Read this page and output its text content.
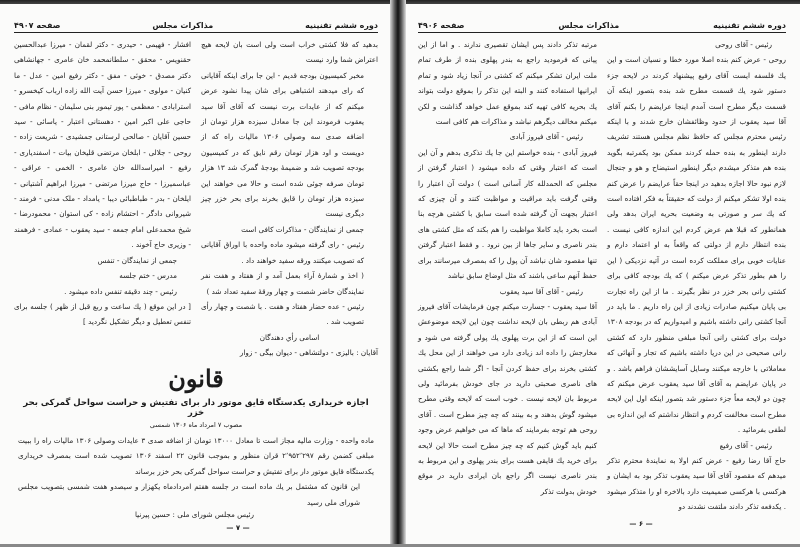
دوره ششم تقنینیه
مذاکرات مجلس
صفحه ۴۹۰۷

بدهید که فلا کشتی خراب است ولی است بان لایحه هیچ اعتراض شما وارد نیست

مخبر کمیسیون بودجه قدیم - این جا برای اینکه آقایانی که رای میدهند اشتباهی برای شان پیدا نشود عرض میکنم که از عایدات برت نیست که آقای آقا سید یعقوب فرمودند این جا معادل سیزده هزار تومان از اضافه صدی سه وصولی ۱۳۰۶ مالیات راه که از دویست و اود هزار تومان رقم نایق که در کمیسیون بودجه تصویب شد و ضمیمهٔ بودجهٔ گمرک شد ۱۳ هزار تومان صرفه جوئی شده است و حالا می خواهند این سیزده هزار تومان را قایق بخرند برای بحر خزر چیز دیگری نیست

جمعی از نمایندگان - مذاکرات کافی است

رئیس - رای گرفته میشود ماده واحده با اوراق آقایانی که تصویب میکنند ورقه سفید خواهند داد .

( اخذ و شمارهٔ آراء بعمل آمد و از هفتاد و هفت نفر نمایندگان حاضر شصت و چهار ورقهٔ سفید تعداد شد )

رئیس - عده حضار هفتاد و هفت . با شصت و چهار رأی تصویب شد .

اسامی رأي دهندگان

آقایان : بالیزی - دولتشاهی - دیوان بیگی - زوار

افشار - فهیمی - حیدری - دکتر لقمان - میرزا عبدالحسین حقنویس - محقق - سلطانمحمد خان عامری - جهانشاهی دکتر مصدق - خوئی - مفق - دکتر رفیع امین - عدل - ما کنیان - مولوی - میرزا حسن آیت الله زاده ارباب کیخسرو - استرابادی - معظمی - پور تیمور بنی سلیمان - نظام مافی - حاجی علی اکبر امین - دهستانی اعتبار - یاسائی - سید حسین آقایان - صالحی لرستانی جمشیدی - شریعت زاده - روحی - جلالی - ابلخان مرتضی قلیخان بیات - اسفندیاری - رفیع - امیراسدالله خان عامری - الخمی - عراقی - عباسمیرزا - حاج میرزا مرتضی - میرزا ابراهیم آشتیانی - ایلخان - بدر - طباطبائی دیبا - یامداد - ملک مدنی - فرمند - شیروانی دادگر - احتشام زاده - کی استوان - محمودرضا - شیخ محمدعلی امام جمعه - سید یعقوب - عمادی - فرهمند - وزیری حاج آخوند .

جمعی از نمایندگان - تنفس

مدرس - ختم جلسه

رئیس - چند دقیقه تنفس داده میشود .

[ در این موقع ( یك ساعت و ربع قبل از ظهر ) جلسه برای تنفس تعطیل و دیگر تشکیل نگردید ]

قانون
اجازه خریداری یکدستگاه قایق موتور دار برای تفتیش و حراست سواحل گمرکی بحر خزر
مصوب ۷ امرداد ماه ۱۳۰۶ شمسی

ماده واحده - وزارت مالیه مجاز است تا معادل ۱۳۰۰۰ تومان از اضافه صدی ۳ عایدات وصولی ۱۳۰۶ مالیات راه را ببیت مبلغی کضمن رقم ۲٬۹۵۲٬۲۹۷ قران منظور و بموجب قانون ۲۲ اسفند ۱۳۰۶ تصویب شده است بمصرف خریداری یکدستگاه قایق موتور دار برای تفتیش و حراست سواحل گمرکی بحر خزر برساند

این قانون که مشتمل بر یك ماده است در جلسه هفتم امردادماه یکهزار و سیصدو هفت شمسی بتصویب مجلس شورای ملی رسید

رئیس مجلس شورای ملی : حسین پیرنیا
— ۷ —
دوره ششم تقنینیه
مذاکرات مجلس
صفحه ۴۹۰۶

رئیس - آقای روحی

روحی - عرض کنم بنده اصلا مورد خطا و نسیان است و این یك فلسفه ایست آقای رفیع پیشنهاد کردند در لایحه جزء دستور شود یك قسمت مطرح شد بنده بتصور اینکه آن قسمت دیگر مطرح است آمدم اینجا عرایضم را بکنم آقای آقا سید یعقوب از حدود وظائفشان خارج شدند و با اینکه رئیس محترم مجلس که حافظ نظم مجلس هستند تشریف دارند اینطور به بنده حمله کردند ممکن بود یکمرتبه بگوید بنده هم متذکر میشدم دیگر اینطور استیضاح و هو و جنجال لازم نبود حالا اجازه بدهید در اینجا حقاً عرایضم را عرض کنم بنده اولا تشکر میکنم از دولت که حقیقتاً به فکر افتاده است که یك سر و صورتی به وضعیت بحریه ایران بدهد ولی همانطور که قبلا هم عرض کردم این اندازه کافی نیست . بنده انتظار دارم از دولتی که واقعاً به او اعتماد دارم و عنایات خوبی برای مملکت کرده است در آتیه نزدیکی ( این را هم بطور تذکر عرض میکنم ) که یك بودجه کافی برای کشتی رانی بحر خزر در نظر بگیرند . ما از این راه تجارت بی پایان میکنیم صادرات زیادی از این راه داریم . ما باید در آنجا کشتی رانی داشته باشیم و امیدواریم که در بودجه ۱۳۰۸ دولت برای کشتی رانی آنجا مبلغی منظور دارد که کشتی رانی صحیحی در این دریا داشته باشیم که تجار و آنهائی که معاملاتی با خارجه میکنند وسایل آسایششان فراهم باشد . و در پایان عرایضم به آقای آقا سید یعقوب عرض میکنم که چون دو لایحه معاً جزء دستور شد بتصور اینکه اول این لایحه مطرح است مخالفت کردم و انتظار نداشتم که این اندازه بی لطفی بفرمائید .

رئیس - آقای رفیع

حاج آقا رضا رفیع - عرض کنم اولا به نمایندهٔ محترم تذکر میدهم که مقصود آقای آقا سید یعقوب تذکر بود به ایشان و هرکسی با هرکسی صمیمیت دارد بالاخره او را متذکر میشود . یکدفعه تذکر دادند ملتفت نشدند دو

مرتبه تذکر دادند پس ایشان تقصیری ندارند . و اما از این پیانی که فرمودید راجع به بندر پهلوی بنده از طرف تمام ملت ایران تشکر میکنم که کشتی در آنجا زیاد شود و تمام ایرانیها استفاده کنند و البته این تذکر را بموقع دولت بتواند یك بحریه کافی تهیه کند بموقع عمل خواهد گذاشت و لکن میکنم مخالف دیگرهم نباشد و مذاکرات هم کافی است

رئیس - آقای فیروز آبادی

فیروز آبادی - بنده خواستم این جا یك تذکری بدهم و آن این است که اعتبار وقتی که داده میشود ( اعتبار گرفتن از مجلس که الحمدلله کار آسانی است ) دولت آن اعتبار را وقتی گرفت باید مراقبت و مواظبت کنند و آن چیزی که اعتبار بجهت آن گرفته شده است سابق با کشتی هرچه بنا است بخرد باید کاملا مواظبت را هم بکند که مثل کشتی های بندر ناصری و سایر جاها از بین نرود . و فقط اعتبار گرفتن تنها مقصود شان نباشد آن پول را که بمصرف میرسانند برای حفظ آنهم ساعی باشند که مثل اوضاع سابق نباشد

رئیس - آقای آقا سید یعقوب

آقا سید یعقوب - جسارت میکنم چون فرمایشات آقای فیروز آبادی هم ربطی بان لایحه نداشت چون این لایحه موضوعش این است که از این برت پهلوی یك پولی گرفته می شود و مخارجش را داده اند زیادی دارد می خواهند از این محل یك کشتی بخرند برای حفظ کردن آنجا - اگر شما راجع بکشتی های ناصری صحبتی دارید در جای خودش بفرمائید ولی مربوط بان لایحه نیست . خوب است که لایحه وقتی مطرح میشود گوش بدهند و به بینند که چه چیز مطرح است . آقای روحی هم توجه بفرمایند که ماها که می خواهیم عرض وجود کنیم باید گوش کنیم که چه چیز مطرح است حالا این لایحه برای خرید یك قایقی هست برای بندر پهلوی و این مربوط به بندر ناصری نیست اگر راجع بان ایرادی دارید در موقع خودش بدولت تذکر

— ۶ —
